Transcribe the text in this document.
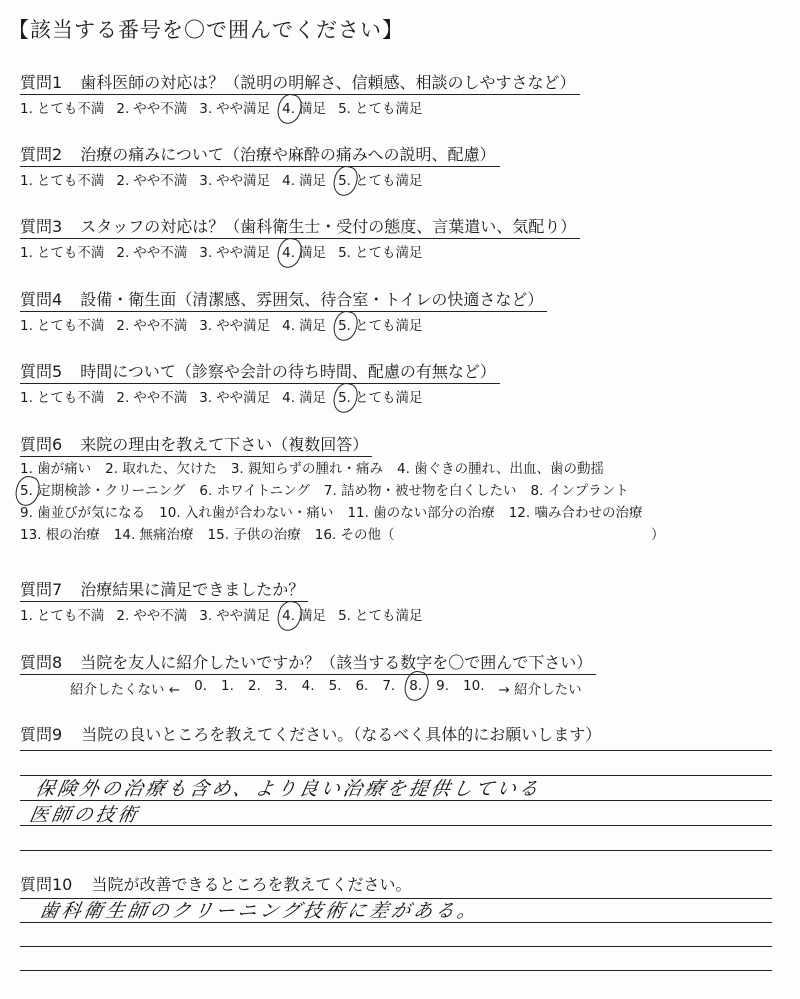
【該当する番号を〇で囲んでください】
質問1 歯科医師の対応は？（説明の明解さ、信頼感、相談のしやすさなど）
1. とても不満 2. やや不満 3. やや満足 4. 満足 5. とても満足
質問2 治療の痛みについて（治療や麻酔の痛みへの説明、配慮）
1. とても不満 2. やや不満 3. やや満足 4. 満足 5. とても満足
質問3 スタッフの対応は？（歯科衛生士・受付の態度、言葉遣い、気配り）
1. とても不満 2. やや不満 3. やや満足 4. 満足 5. とても満足
質問4 設備・衛生面（清潔感、雰囲気、待合室・トイレの快適さなど）
1. とても不満 2. やや不満 3. やや満足 4. 満足 5. とても満足
質問5 時間について（診察や会計の待ち時間、配慮の有無など）
1. とても不満 2. やや不満 3. やや満足 4. 満足 5. とても満足
質問6 来院の理由を教えて下さい（複数回答）
1. 歯が痛い 2. 取れた、欠けた 3. 親知らずの腫れ・痛み 4. 歯ぐきの腫れ、出血、歯の動揺
5. 定期検診・クリーニング 6. ホワイトニング 7. 詰め物・被せ物を白くしたい 8. インプラント
9. 歯並びが気になる 10. 入れ歯が合わない・痛い 11. 歯のない部分の治療 12. 噛み合わせの治療
13. 根の治療 14. 無痛治療 15. 子供の治療 16. その他（　　　　　　　　　　　　　　　　　　　）
質問7 治療結果に満足できましたか？
1. とても不満 2. やや不満 3. やや満足 4. 満足 5. とても満足
質問8 当院を友人に紹介したいですか？（該当する数字を〇で囲んで下さい）
紹介したくない ← 0. 1. 2. 3. 4. 5. 6. 7. 8. 9. 10. → 紹介したい
質問9 当院の良いところを教えてください。（なるべく具体的にお願いします）
保険外の治療も含め、より良い治療を提供している
医師の技術
質問10 当院が改善できるところを教えてください。
歯科衛生師のクリーニング技術に差がある。
